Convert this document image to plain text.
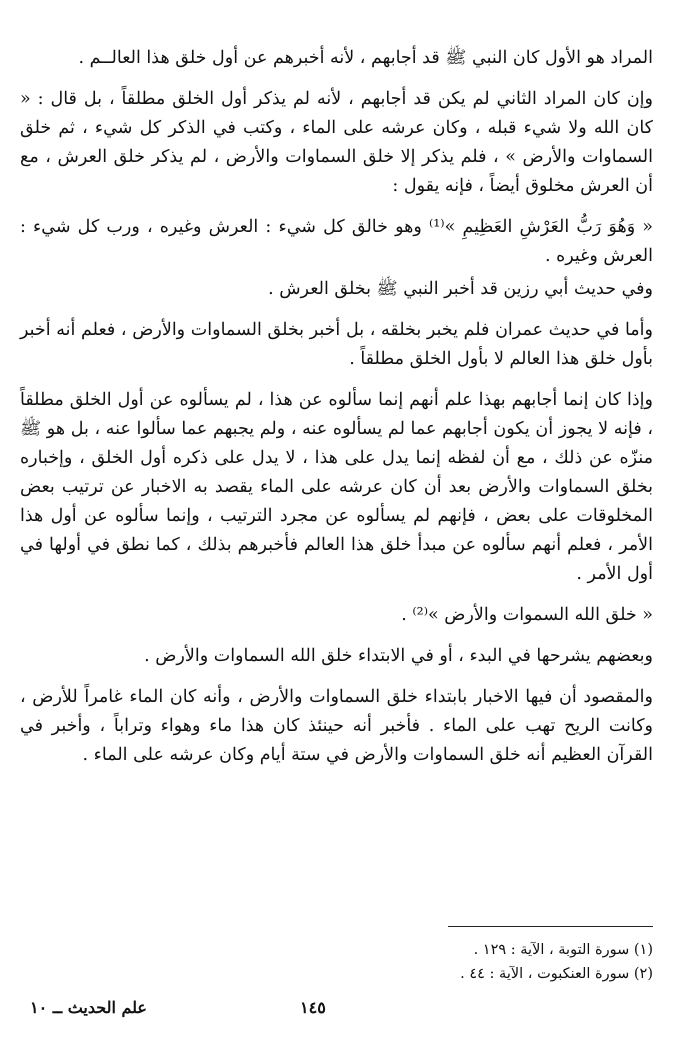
المراد هو الأول كان النبي ﷺ قد أجابهم ، لأنه أخبرهم عن أول خلق هذا العالــم .

وإن كان المراد الثاني لم يكن قد أجابهم ، لأنه لم يذكر أول الخلق مطلقاً ، بل قال : « كان الله ولا شيء قبله ، وكان عرشه على الماء ، وكتب في الذكر كل شيء ، ثم خلق السماوات والأرض » ، فلم يذكر إلا خلق السماوات والأرض ، لم يذكر خلق العرش ، مع أن العرش مخلوق أيضاً ، فإنه يقول :

« وَهُوَ رَبُّ العَرْشِ العَظِيمِ »⁽¹⁾ وهو خالق كل شيء : العرش وغيره ، ورب كل شيء : العرش وغيره .

وفي حديث أبي رزين قد أخبر النبي ﷺ بخلق العرش .

وأما في حديث عمران فلم يخبر بخلقه ، بل أخبر بخلق السماوات والأرض ، فعلم أنه أخبر بأول خلق هذا العالم لا بأول الخلق مطلقاً .

وإذا كان إنما أجابهم بهذا علم أنهم إنما سألوه عن هذا ، لم يسألوه عن أول الخلق مطلقاً ، فإنه لا يجوز أن يكون أجابهم عما لم يسألوه عنه ، ولم يجبهم عما سألوا عنه ، بل هو ﷺ منزّه عن ذلك ، مع أن لفظه إنما يدل على هذا ، لا يدل على ذكره أول الخلق ، وإخباره بخلق السماوات والأرض بعد أن كان عرشه على الماء يقصد به الاخبار عن ترتيب بعض المخلوقات على بعض ، فإنهم لم يسألوه عن مجرد الترتيب ، وإنما سألوه عن أول هذا الأمر ، فعلم أنهم سألوه عن مبدأ خلق هذا العالم فأخبرهم بذلك ، كما نطق في أولها في أول الأمر .

« خلق الله السموات والأرض »⁽²⁾ .

وبعضهم يشرحها في البدء ، أو في الابتداء خلق الله السماوات والأرض .

والمقصود أن فيها الاخبار بابتداء خلق السماوات والأرض ، وأنه كان الماء غامراً للأرض ، وكانت الريح تهب على الماء . فأخبر أنه حينئذ كان هذا ماء وهواء وتراباً ، وأخبر في القرآن العظيم أنه خلق السماوات والأرض في ستة أيام وكان عرشه على الماء .

(١) سورة التوبة ، الآية : ١٢٩ .
(٢) سورة العنكبوت ، الآية : ٤٤ .
١٤٥
علم الحديث ــ ١٠
